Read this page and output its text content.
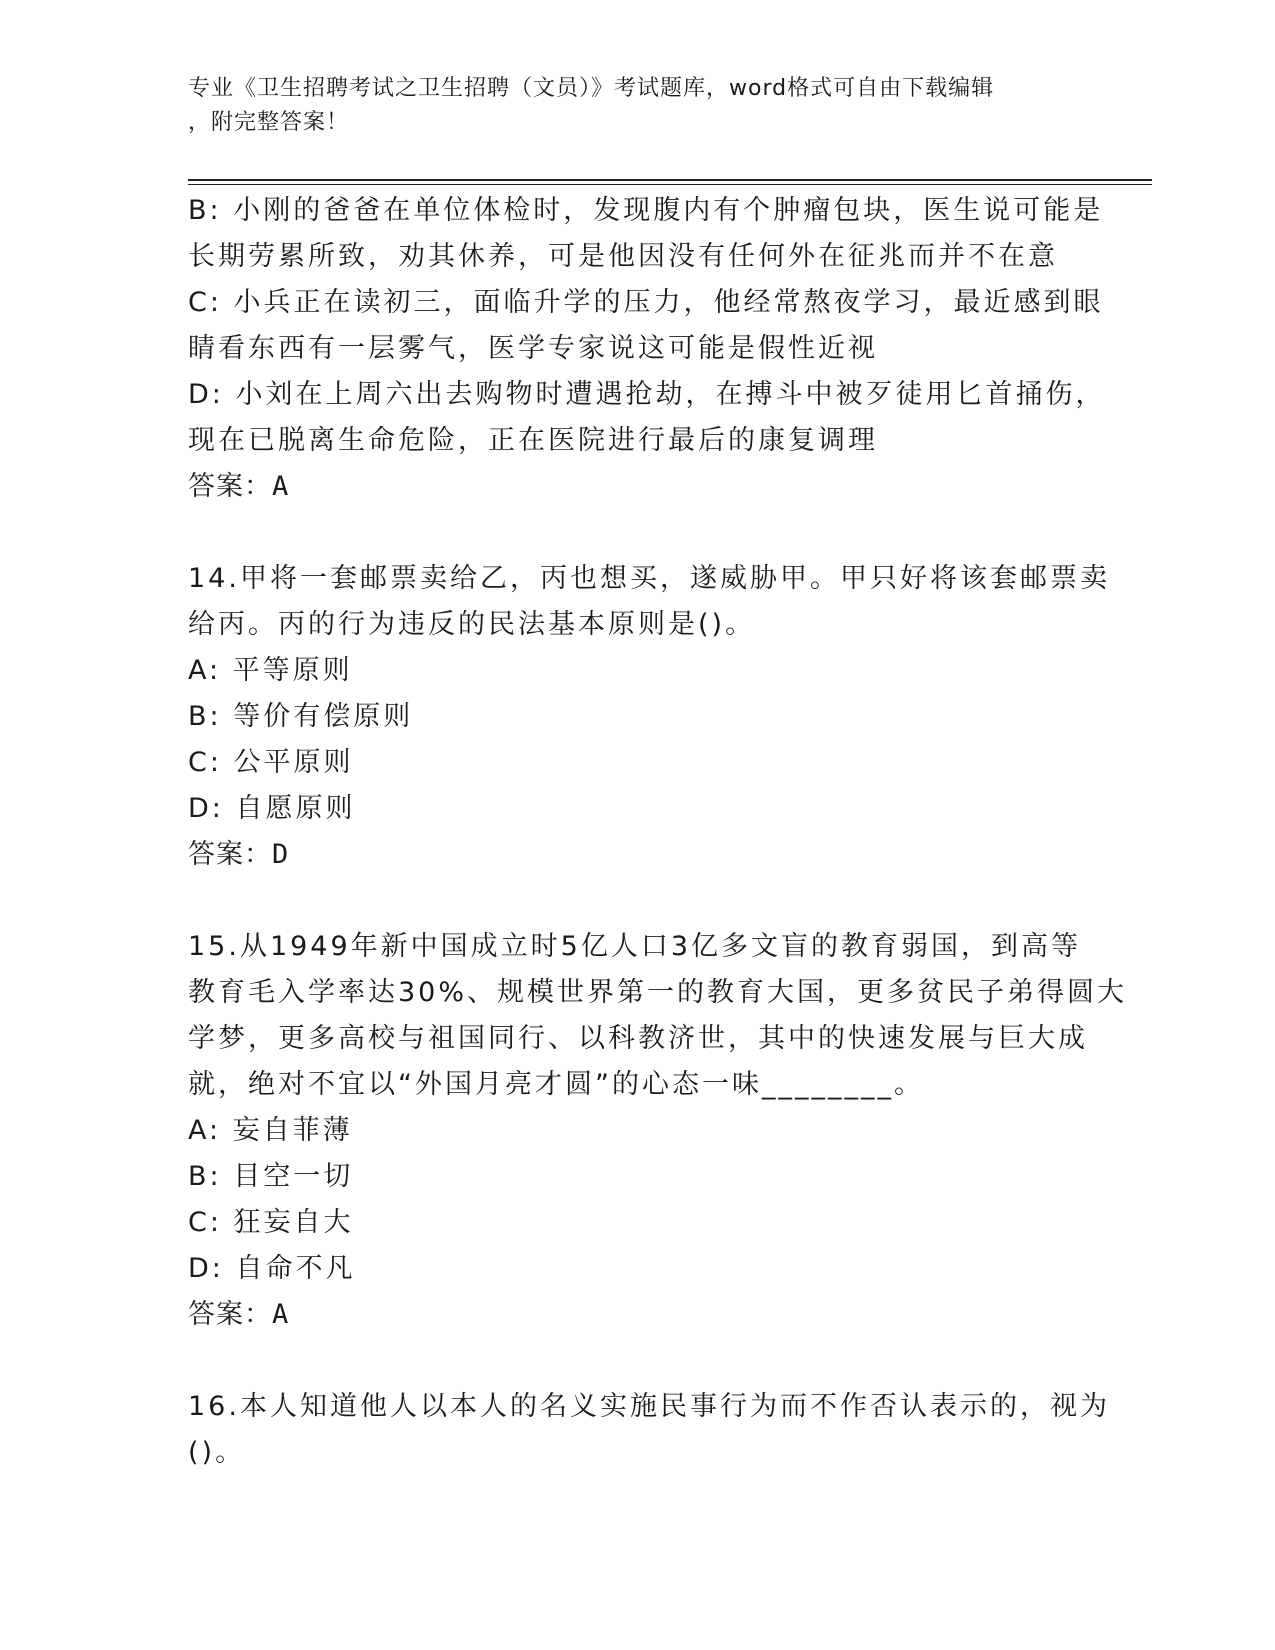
专业《卫生招聘考试之卫生招聘（文员）》考试题库，word格式可自由下载编辑
，附完整答案！
B: 小刚的爸爸在单位体检时，发现腹内有个肿瘤包块，医生说可能是
长期劳累所致，劝其休养，可是他因没有任何外在征兆而并不在意
C: 小兵正在读初三，面临升学的压力，他经常熬夜学习，最近感到眼
睛看东西有一层雾气，医学专家说这可能是假性近视
D: 小刘在上周六出去购物时遭遇抢劫，在搏斗中被歹徒用匕首捅伤，
现在已脱离生命危险，正在医院进行最后的康复调理
答案：A
14.甲将一套邮票卖给乙，丙也想买，遂威胁甲。甲只好将该套邮票卖
给丙。丙的行为违反的民法基本原则是()。
A: 平等原则
B: 等价有偿原则
C: 公平原则
D: 自愿原则
答案：D
15.从1949年新中国成立时5亿人口3亿多文盲的教育弱国，到高等
教育毛入学率达30%、规模世界第一的教育大国，更多贫民子弟得圆大
学梦，更多高校与祖国同行、以科教济世，其中的快速发展与巨大成
就，绝对不宜以“外国月亮才圆”的心态一味________。
A: 妄自菲薄
B: 目空一切
C: 狂妄自大
D: 自命不凡
答案：A
16.本人知道他人以本人的名义实施民事行为而不作否认表示的，视为
()。
